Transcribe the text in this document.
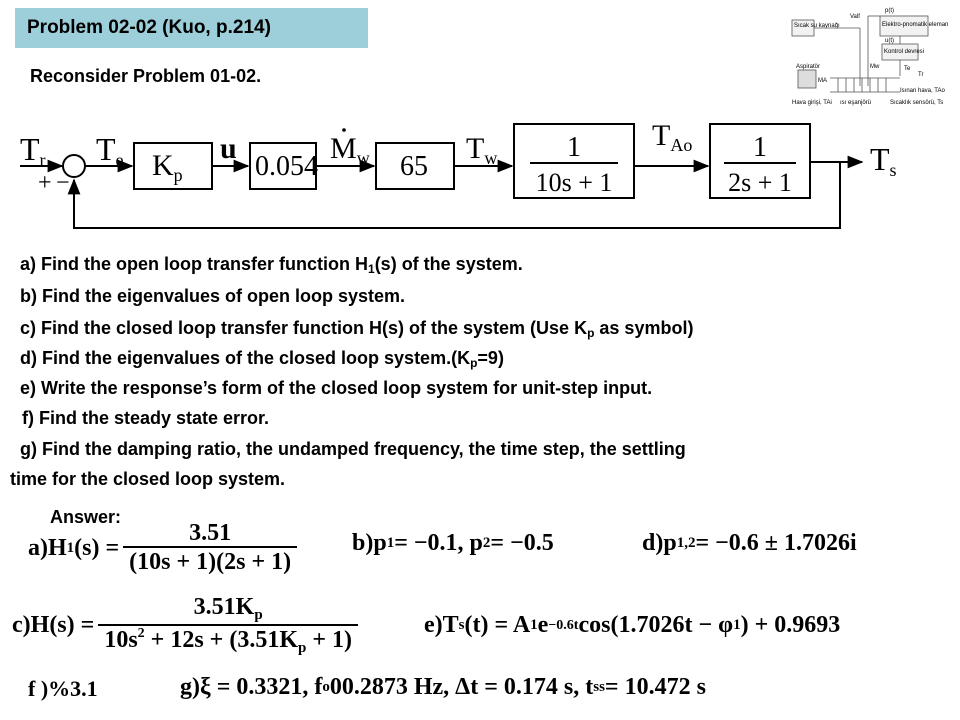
Problem 02-02 (Kuo, p.214)
Reconsider Problem 01-02.
Sıcak su kaynağı	Elektro-pnomatik eleman
p(t)
Valf
u(t)
Kontrol devresi
Mw	Te
Tr
Aspiratör
MA
Isınan hava, TAo
Hava girişi, TAi ısı eşanjörü	Sıcaklık sensörü, Ts
Tr
+ −
Te $K_p$
u
0.054
$M_w$ 65
$T_w$ 1
10s + 1
$T_{Ao}$ 1
2s + 1
Ts
a) Find the open loop transfer function $H_1(s)$ of the system.
b) Find the eigenvalues of open loop system.
c) Find the closed loop transfer function H(s) of the system (Use $K_p$ as symbol)
d) Find the eigenvalues of the closed loop $system.(K_p=9)$
e) Write the response’s form of the closed loop system for unit-step input.
f) Find the steady state error.
g) Find the damping ratio, the undamped frequency, the time step, the settling
time for the closed loop system.
Answer:
a)H 1 $(s) = \frac{3.51}{(10s + 1)(2s + 1)} b)p$ 1 = −0.1, p 2 = −0.5	d)p 1,2 = −0.6 ± 1.7026i
$c)H(s) = \frac{3.51K_p}{10s^2 + 12s + (3.51K_p + 1)}$	e)T s (t) = A 1 e −0.6t cos(1.7026t − φ 1 ) + 0.9693
f )%3.1	g)ξ = 0.3321, f o 00.2873 Hz, Δt = 0.174 s, t ss = 10.472 s
